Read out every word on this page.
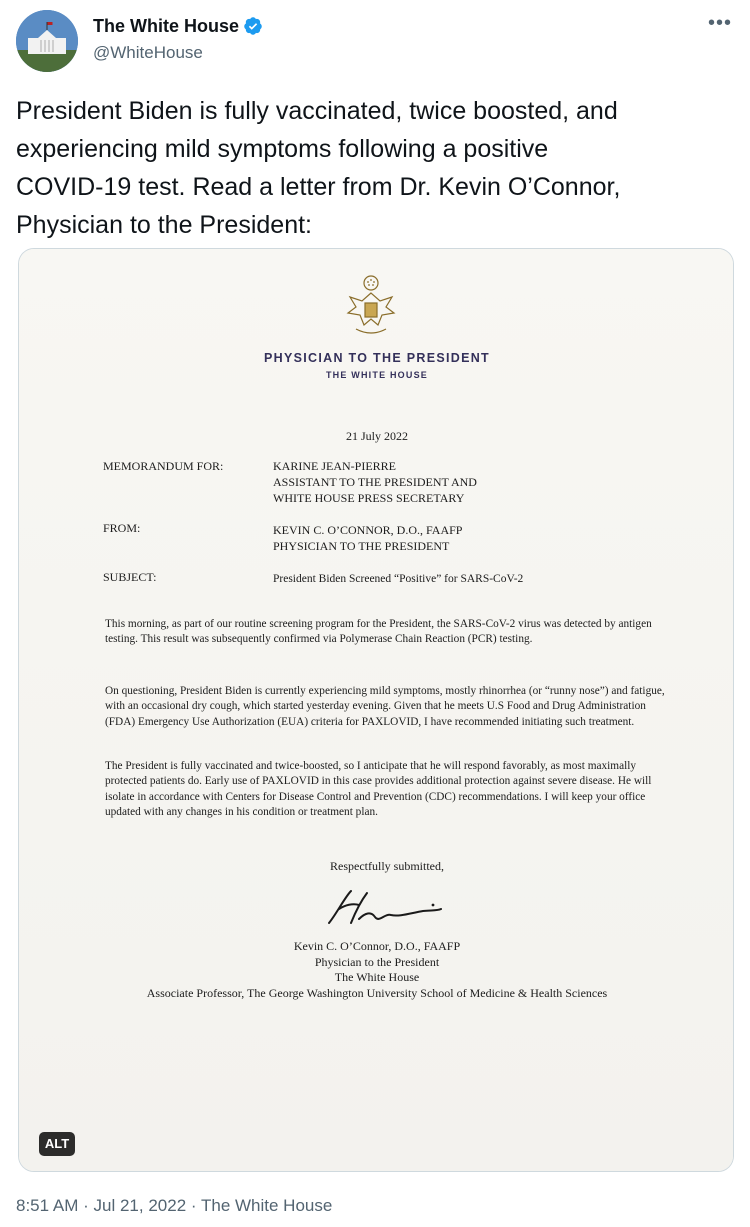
The White House
@WhiteHouse
•••
President Biden is fully vaccinated, twice boosted, and
experiencing mild symptoms following a positive
COVID-19 test. Read a letter from Dr. Kevin O’Connor,
Physician to the President:
PHYSICIAN TO THE PRESIDENT
THE WHITE HOUSE
21 July 2022
MEMORANDUM FOR:	KARINE JEAN-PIERRE
ASSISTANT TO THE PRESIDENT AND
WHITE HOUSE PRESS SECRETARY
FROM:	KEVIN C. O’CONNOR, D.O., FAAFP
PHYSICIAN TO THE PRESIDENT
SUBJECT:	President Biden Screened “Positive” for SARS-CoV-2
This morning, as part of our routine screening program for the President, the SARS-CoV-2 virus was detected by antigen testing. This result was subsequently confirmed via Polymerase Chain Reaction (PCR) testing.
On questioning, President Biden is currently experiencing mild symptoms, mostly rhinorrhea (or “runny nose”) and fatigue, with an occasional dry cough, which started yesterday evening. Given that he meets U.S Food and Drug Administration (FDA) Emergency Use Authorization (EUA) criteria for PAXLOVID, I have recommended initiating such treatment.
The President is fully vaccinated and twice-boosted, so I anticipate that he will respond favorably, as most maximally protected patients do. Early use of PAXLOVID in this case provides additional protection against severe disease. He will isolate in accordance with Centers for Disease Control and Prevention (CDC) recommendations. I will keep your office updated with any changes in his condition or treatment plan.
Respectfully submitted,
Kevin C. O’Connor, D.O., FAAFP
Physician to the President
The White House
Associate Professor, The George Washington University School of Medicine & Health Sciences
ALT
8:51 AM · Jul 21, 2022 · The White House
